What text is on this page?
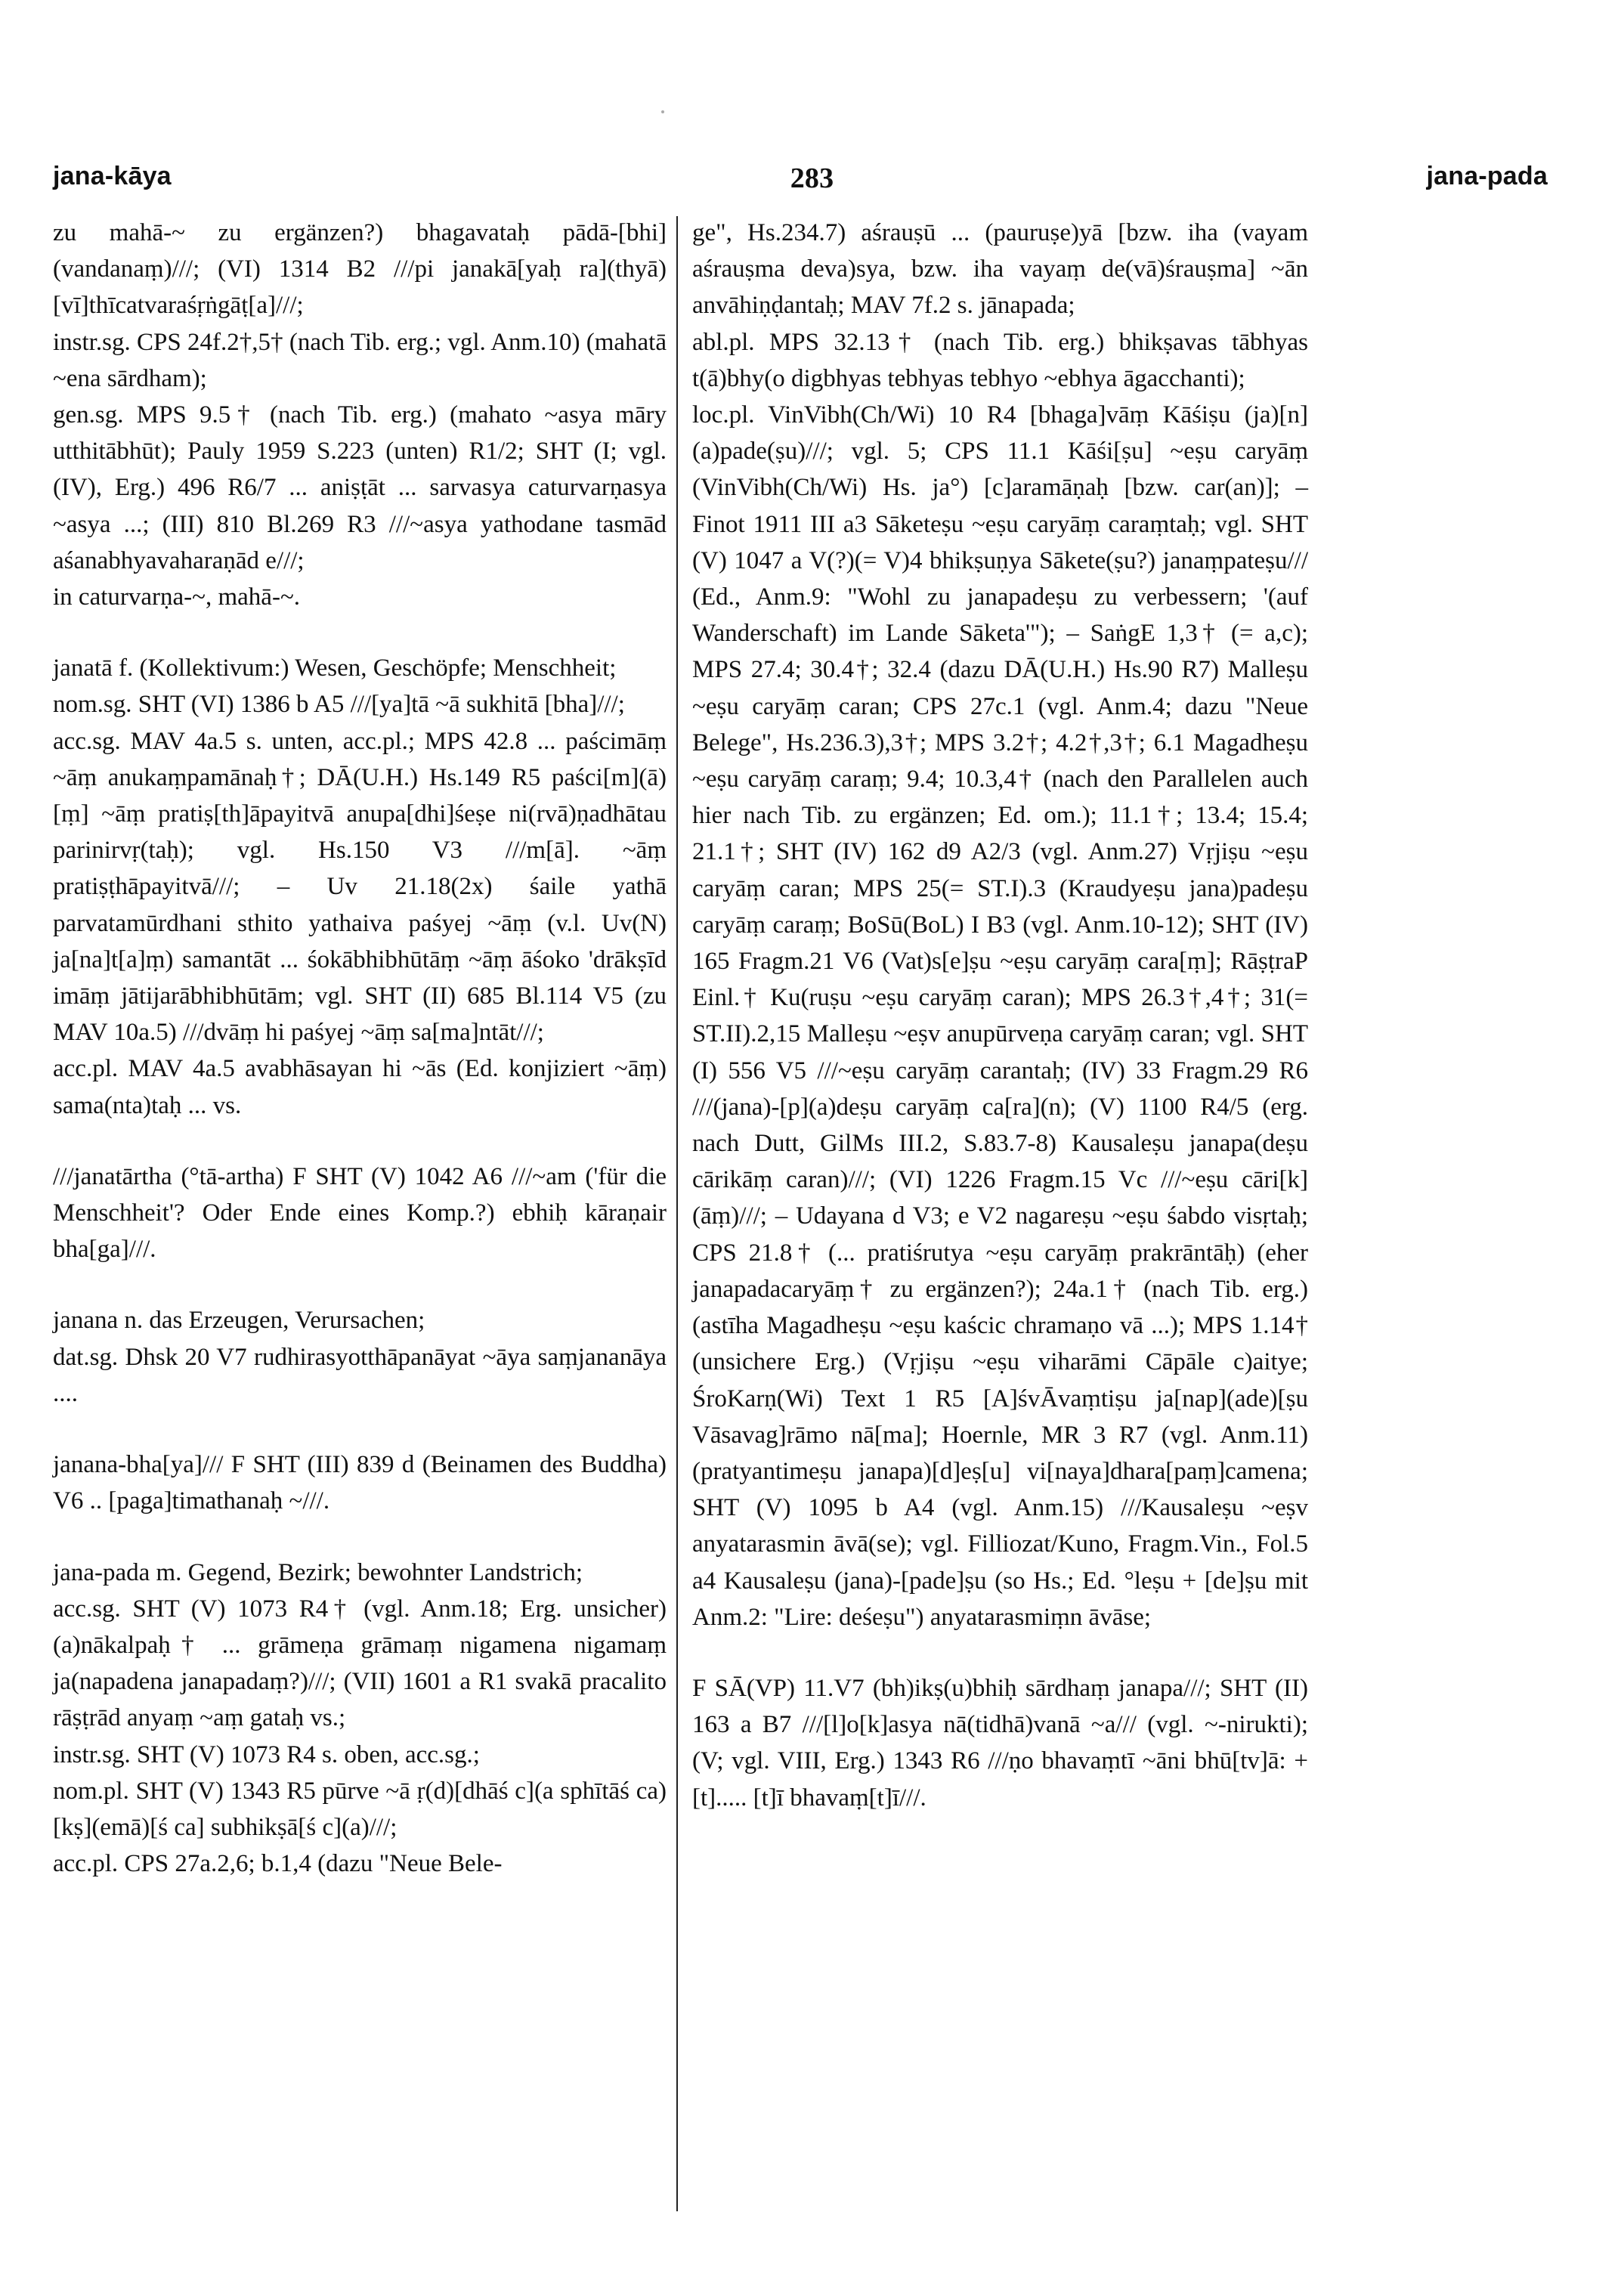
jana-kāya	283	jana-pada

zu mahā-~ zu ergänzen?) bhagavataḥ pādā-[bhi](vandanaṃ)///; (VI) 1314 B2 ///pi janakā[yaḥ ra](thyā)[vī]thīcatvaraśṛṅgāṭ[a]///;

instr.sg. CPS 24f.2†,5† (nach Tib. erg.; vgl. Anm.10) (mahatā ~ena sārdham);

gen.sg. MPS 9.5† (nach Tib. erg.) (mahato ~asya māry utthitābhūt); Pauly 1959 S.223 (unten) R1/2; SHT (I; vgl. (IV), Erg.) 496 R6/7 ... aniṣṭāt ... sarvasya caturvarṇasya ~asya ...; (III) 810 Bl.269 R3 ///~asya yathodane tasmād aśanabhyavaharaṇād e///;

in caturvarṇa-~, mahā-~.

janatā f. (Kollektivum:) Wesen, Geschöpfe; Menschheit;

nom.sg. SHT (VI) 1386 b A5 ///[ya]tā ~ā sukhitā [bha]///;

acc.sg. MAV 4a.5 s. unten, acc.pl.; MPS 42.8 ... paścimāṃ ~āṃ anukaṃpamānaḥ†; DĀ(U.H.) Hs.149 R5 paści[m](ā)[ṃ] ~āṃ pratiṣ[th]āpayitvā anupa[dhi]śeṣe ni(rvā)ṇadhātau parinirvṛ(taḥ); vgl. Hs.150 V3 ///m[ā]. ~āṃ pratiṣṭhāpayitvā///; – Uv 21.18(2x) śaile yathā parvatamūrdhani sthito yathaiva paśyej ~āṃ (v.l. Uv(N) ja[na]t[a]ṃ) samantāt ... śokābhibhūtāṃ ~āṃ āśoko 'drākṣīd imāṃ jātijarābhibhūtām; vgl. SHT (II) 685 Bl.114 V5 (zu MAV 10a.5) ///dvāṃ hi paśyej ~āṃ sa[ma]ntāt///;

acc.pl. MAV 4a.5 avabhāsayan hi ~ās (Ed. konjiziert ~āṃ) sama(nta)taḥ ... vs.

///janatārtha (°tā-artha) F SHT (V) 1042 A6 ///~am ('für die Menschheit'? Oder Ende eines Komp.?) ebhiḥ kāraṇair bha[ga]///.

janana n. das Erzeugen, Verursachen;

dat.sg. Dhsk 20 V7 rudhirasyotthāpanāyat ~āya saṃjananāya ....

janana-bha[ya]/// F SHT (III) 839 d (Beinamen des Buddha) V6 .. [paga]timathanaḥ ~///.

jana-pada m. Gegend, Bezirk; bewohnter Landstrich;

acc.sg. SHT (V) 1073 R4† (vgl. Anm.18; Erg. unsicher) (a)nākalpaḥ† ... grāmeṇa grāmaṃ nigamena nigamaṃ ja(napadena janapadaṃ?)///; (VII) 1601 a R1 svakā pracalito rāṣṭrād anyaṃ ~aṃ gataḥ vs.;

instr.sg. SHT (V) 1073 R4 s. oben, acc.sg.;

nom.pl. SHT (V) 1343 R5 pūrve ~ā ṛ(d)[dhāś c](a sphītāś ca) [kṣ](emā)[ś ca] subhikṣā[ś c](a)///;

acc.pl. CPS 27a.2,6; b.1,4 (dazu "Neue Bele-

ge", Hs.234.7) aśrauṣū ... (pauruṣe)yā [bzw. iha (vayam aśrauṣma deva)sya, bzw. iha vayaṃ de(vā)śrauṣma] ~ān anvāhiṇḍantaḥ; MAV 7f.2 s. jānapada;

abl.pl. MPS 32.13† (nach Tib. erg.) bhikṣavas tābhyas t(ā)bhy(o digbhyas tebhyas tebhyo ~ebhya āgacchanti);

loc.pl. VinVibh(Ch/Wi) 10 R4 [bhaga]vāṃ Kāśiṣu (ja)[n](a)pade(ṣu)///; vgl. 5; CPS 11.1 Kāśi[ṣu] ~eṣu caryāṃ (VinVibh(Ch/Wi) Hs. ja°) [c]aramāṇaḥ [bzw. car(an)]; – Finot 1911 III a3 Sāketeṣu ~eṣu caryāṃ caraṃtaḥ; vgl. SHT (V) 1047 a V(?)(= V)4 bhikṣuṇya Sākete(ṣu?) janaṃpateṣu/// (Ed., Anm.9: "Wohl zu janapadeṣu zu verbessern; '(auf Wanderschaft) im Lande Sāketa'"); – SaṅgE 1,3† (= a,c); MPS 27.4; 30.4†; 32.4 (dazu DĀ(U.H.) Hs.90 R7) Malleṣu ~eṣu caryāṃ caran; CPS 27c.1 (vgl. Anm.4; dazu "Neue Belege", Hs.236.3),3†; MPS 3.2†; 4.2†,3†; 6.1 Magadheṣu ~eṣu caryāṃ caraṃ; 9.4; 10.3,4† (nach den Parallelen auch hier nach Tib. zu ergänzen; Ed. om.); 11.1†; 13.4; 15.4; 21.1†; SHT (IV) 162 d9 A2/3 (vgl. Anm.27) Vṛjiṣu ~eṣu caryāṃ caran; MPS 25(= ST.I).3 (Kraudyeṣu jana)padeṣu caryāṃ caraṃ; BoSū(BoL) I B3 (vgl. Anm.10-12); SHT (IV) 165 Fragm.21 V6 (Vat)s[e]ṣu ~eṣu caryāṃ cara[ṃ]; RāṣṭraP Einl.† Ku(ruṣu ~eṣu caryāṃ caran); MPS 26.3†,4†; 31(= ST.II).2,15 Malleṣu ~eṣv anupūrveṇa caryāṃ caran; vgl. SHT (I) 556 V5 ///~eṣu caryāṃ carantaḥ; (IV) 33 Fragm.29 R6 ///(jana)-[p](a)deṣu caryāṃ ca[ra](n); (V) 1100 R4/5 (erg. nach Dutt, GilMs III.2, S.83.7-8) Kausaleṣu janapa(deṣu cārikāṃ caran)///; (VI) 1226 Fragm.15 Vc ///~eṣu cāri[k](āṃ)///; – Udayana d V3; e V2 nagareṣu ~eṣu śabdo visṛtaḥ; CPS 21.8† (... pratiśrutya ~eṣu caryāṃ prakrāntāḥ) (eher janapadacaryāṃ† zu ergänzen?); 24a.1† (nach Tib. erg.) (astīha Magadheṣu ~eṣu kaścic chramaṇo vā ...); MPS 1.14† (unsichere Erg.) (Vṛjiṣu ~eṣu viharāmi Cāpāle c)aitye; ŚroKarṇ(Wi) Text 1 R5 [A]śvĀvaṃtiṣu ja[nap](ade)[ṣu Vāsavag]rāmo nā[ma]; Hoernle, MR 3 R7 (vgl. Anm.11) (pratyantimeṣu janapa)[d]eṣ[u] vi[naya]dhara[paṃ]camena; SHT (V) 1095 b A4 (vgl. Anm.15) ///Kausaleṣu ~eṣv anyatarasmin āvā(se); vgl. Filliozat/Kuno, Fragm.Vin., Fol.5 a4 Kausaleṣu (jana)-[pade]ṣu (so Hs.; Ed. °leṣu + [de]ṣu mit Anm.2: "Lire: deśeṣu") anyatarasmiṃn āvāse;

F SĀ(VP) 11.V7 (bh)ikṣ(u)bhiḥ sārdhaṃ janapa///; SHT (II) 163 a B7 ///[l]o[k]asya nā(tidhā)vanā ~a/// (vgl. ~-nirukti); (V; vgl. VIII, Erg.) 1343 R6 ///ṇo bhavaṃtī ~āni bhū[tv]ā: + [t]..... [t]ī bhavaṃ[t]ī///.
